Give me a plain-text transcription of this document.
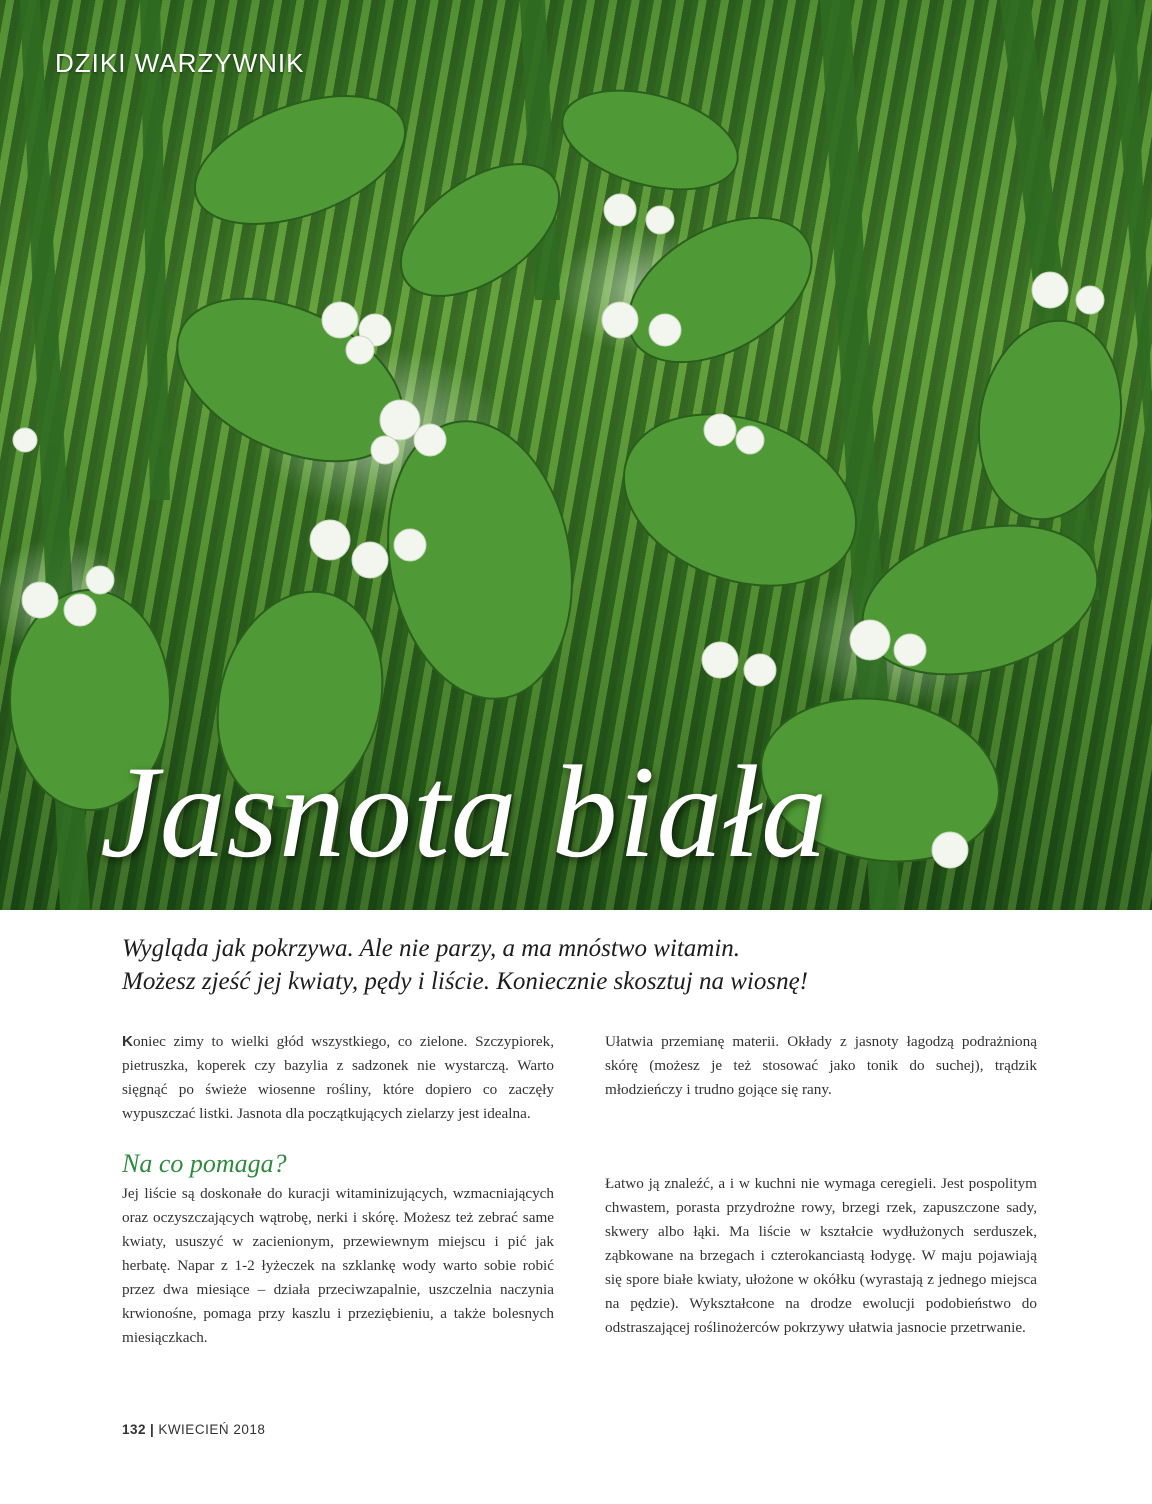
DZIKI WARZYWNIK
Jasnota biała
Wygląda jak pokrzywa. Ale nie parzy, a ma mnóstwo witamin.
Możesz zjeść jej kwiaty, pędy i liście. Koniecznie skosztuj na wiosnę!

Koniec zimy to wielki głód wszystkiego, co zielone. Szczypiorek, pietruszka, koperek czy bazylia z sadzonek nie wystarczą. Warto sięgnąć po świeże wiosenne rośliny, które dopiero co zaczęły wypuszczać listki. Jasnota dla początkujących zielarzy jest idealna.

Na co pomaga?

Jej liście są doskonałe do kuracji witaminizujących, wzmacniających oraz oczyszczających wątrobę, nerki i skórę. Możesz też zebrać same kwiaty, ususzyć w zacienionym, przewiewnym miejscu i pić jak herbatę. Napar z 1-2 łyżeczek na szklankę wody warto sobie robić przez dwa miesiące – działa przeciwzapalnie, uszczelnia naczynia krwionośne, pomaga przy kaszlu i przeziębieniu, a także bolesnych miesiączkach.

Ułatwia przemianę materii. Okłady z jasnoty łagodzą podrażnioną skórę (możesz je też stosować jako tonik do suchej), trądzik młodzieńczy i trudno gojące się rany.

Łatwo ją znaleźć, a i w kuchni nie wymaga ceregieli. Jest pospolitym chwastem, porasta przydrożne rowy, brzegi rzek, zapuszczone sady, skwery albo łąki. Ma liście w kształcie wydłużonych serduszek, ząbkowane na brzegach i czterokanciastą łodygę. W maju pojawiają się spore białe kwiaty, ułożone w okółku (wyrastają z jednego miejsca na pędzie). Wykształcone na drodze ewolucji podobieństwo do odstraszającej roślinożerców pokrzywy ułatwia jasnocie przetrwanie.

132 | KWIECIEŃ 2018
